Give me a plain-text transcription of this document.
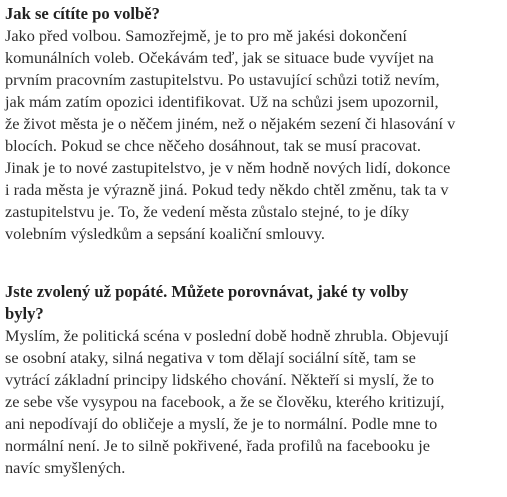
Jak se cítíte po volbě?

Jako před volbou. Samozřejmě, je to pro mě jakési dokončení
komunálních voleb. Očekávám teď, jak se situace bude vyvíjet na
prvním pracovním zastupitelstvu. Po ustavující schůzi totiž nevím,
jak mám zatím opozici identifikovat. Už na schůzi jsem upozornil,
že život města je o něčem jiném, než o nějakém sezení či hlasování v
blocích. Pokud se chce něčeho dosáhnout, tak se musí pracovat.
Jinak je to nové zastupitelstvo, je v něm hodně nových lidí, dokonce
i rada města je výrazně jiná. Pokud tedy někdo chtěl změnu, tak ta v
zastupitelstvu je. To, že vedení města zůstalo stejné, to je díky
volebním výsledkům a sepsání koaliční smlouvy.

Jste zvolený už popáté. Můžete porovnávat, jaké ty volby
byly?

Myslím, že politická scéna v poslední době hodně zhrubla. Objevují
se osobní ataky, silná negativa v tom dělají sociální sítě, tam se
vytrácí základní principy lidského chování. Někteří si myslí, že to
ze sebe vše vysypou na facebook, a že se člověku, kterého kritizují,
ani nepodívají do obličeje a myslí, že je to normální. Podle mne to
normální není. Je to silně pokřivené, řada profilů na facebooku je
navíc smyšlených.
